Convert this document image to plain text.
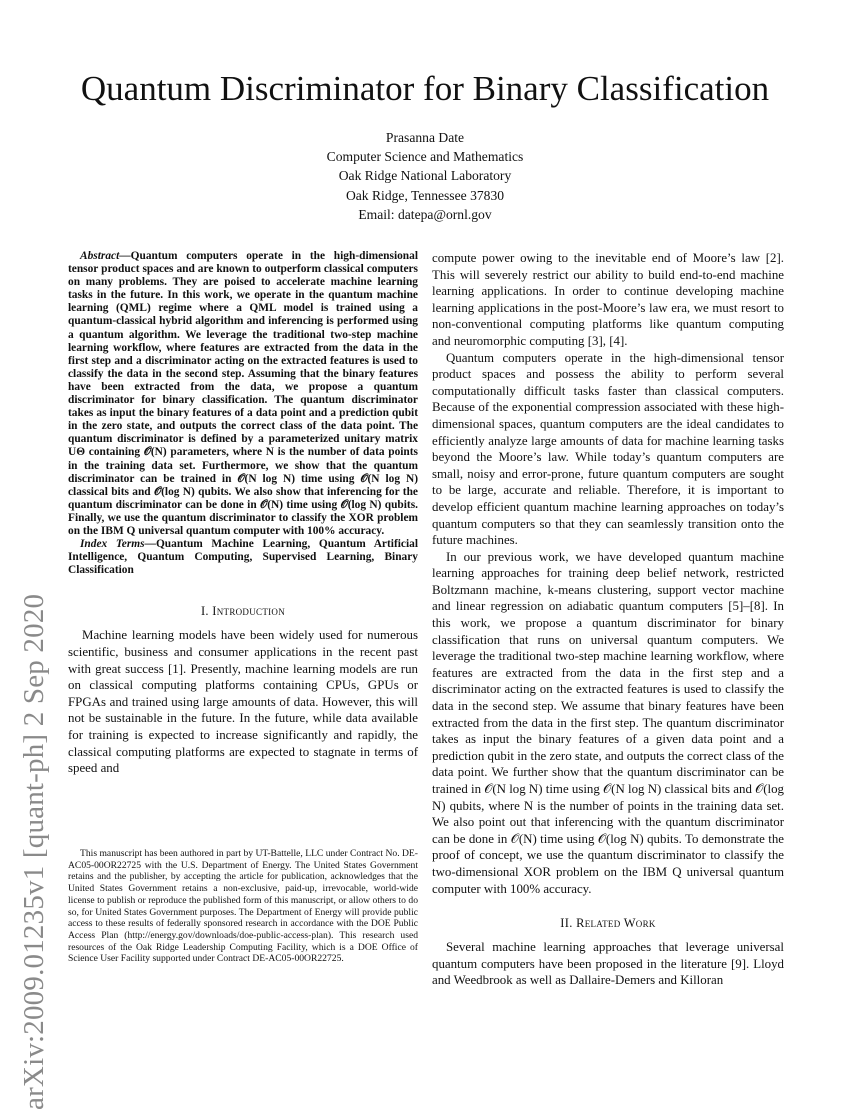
arXiv:2009.01235v1 [quant-ph] 2 Sep 2020
Quantum Discriminator for Binary Classification
Prasanna Date
Computer Science and Mathematics
Oak Ridge National Laboratory
Oak Ridge, Tennessee 37830
Email: datepa@ornl.gov

Abstract—Quantum computers operate in the high-dimensional tensor product spaces and are known to outperform classical computers on many problems. They are poised to accelerate machine learning tasks in the future. In this work, we operate in the quantum machine learning (QML) regime where a QML model is trained using a quantum-classical hybrid algorithm and inferencing is performed using a quantum algorithm. We leverage the traditional two-step machine learning workflow, where features are extracted from the data in the first step and a discriminator acting on the extracted features is used to classify the data in the second step. Assuming that the binary features have been extracted from the data, we propose a quantum discriminator for binary classification. The quantum discriminator takes as input the binary features of a data point and a prediction qubit in the zero state, and outputs the correct class of the data point. The quantum discriminator is defined by a parameterized unitary matrix UΘ containing 𝒪(N) parameters, where N is the number of data points in the training data set. Furthermore, we show that the quantum discriminator can be trained in 𝒪(N log N) time using 𝒪(N log N) classical bits and 𝒪(log N) qubits. We also show that inferencing for the quantum discriminator can be done in 𝒪(N) time using 𝒪(log N) qubits. Finally, we use the quantum discriminator to classify the XOR problem on the IBM Q universal quantum computer with 100% accuracy.

Index Terms—Quantum Machine Learning, Quantum Artificial Intelligence, Quantum Computing, Supervised Learning, Binary Classification

I. Introduction

Machine learning models have been widely used for numerous scientific, business and consumer applications in the recent past with great success [1]. Presently, machine learning models are run on classical computing platforms containing CPUs, GPUs or FPGAs and trained using large amounts of data. However, this will not be sustainable in the future. In the future, while data available for training is expected to increase significantly and rapidly, the classical computing platforms are expected to stagnate in terms of speed and

This manuscript has been authored in part by UT-Battelle, LLC under Contract No. DE-AC05-00OR22725 with the U.S. Department of Energy. The United States Government retains and the publisher, by accepting the article for publication, acknowledges that the United States Government retains a non-exclusive, paid-up, irrevocable, world-wide license to publish or reproduce the published form of this manuscript, or allow others to do so, for United States Government purposes. The Department of Energy will provide public access to these results of federally sponsored research in accordance with the DOE Public Access Plan (http://energy.gov/downloads/doe-public-access-plan). This research used resources of the Oak Ridge Leadership Computing Facility, which is a DOE Office of Science User Facility supported under Contract DE-AC05-00OR22725.

compute power owing to the inevitable end of Moore’s law [2]. This will severely restrict our ability to build end-to-end machine learning applications. In order to continue developing machine learning applications in the post-Moore’s law era, we must resort to non-conventional computing platforms like quantum computing and neuromorphic computing [3], [4].

Quantum computers operate in the high-dimensional tensor product spaces and possess the ability to perform several computationally difficult tasks faster than classical computers. Because of the exponential compression associated with these high-dimensional spaces, quantum computers are the ideal candidates to efficiently analyze large amounts of data for machine learning tasks beyond the Moore’s law. While today’s quantum computers are small, noisy and error-prone, future quantum computers are sought to be large, accurate and reliable. Therefore, it is important to develop efficient quantum machine learning approaches on today’s quantum computers so that they can seamlessly transition onto the future machines.

In our previous work, we have developed quantum machine learning approaches for training deep belief network, restricted Boltzmann machine, k-means clustering, support vector machine and linear regression on adiabatic quantum computers [5]–[8]. In this work, we propose a quantum discriminator for binary classification that runs on universal quantum computers. We leverage the traditional two-step machine learning workflow, where features are extracted from the data in the first step and a discriminator acting on the extracted features is used to classify the data in the second step. We assume that binary features have been extracted from the data in the first step. The quantum discriminator takes as input the binary features of a given data point and a prediction qubit in the zero state, and outputs the correct class of the data point. We further show that the quantum discriminator can be trained in 𝒪(N log N) time using 𝒪(N log N) classical bits and 𝒪(log N) qubits, where N is the number of points in the training data set. We also point out that inferencing with the quantum discriminator can be done in 𝒪(N) time using 𝒪(log N) qubits. To demonstrate the proof of concept, we use the quantum discriminator to classify the two-dimensional XOR problem on the IBM Q universal quantum computer with 100% accuracy.

II. Related Work

Several machine learning approaches that leverage universal quantum computers have been proposed in the literature [9]. Lloyd and Weedbrook as well as Dallaire-Demers and Killoran
